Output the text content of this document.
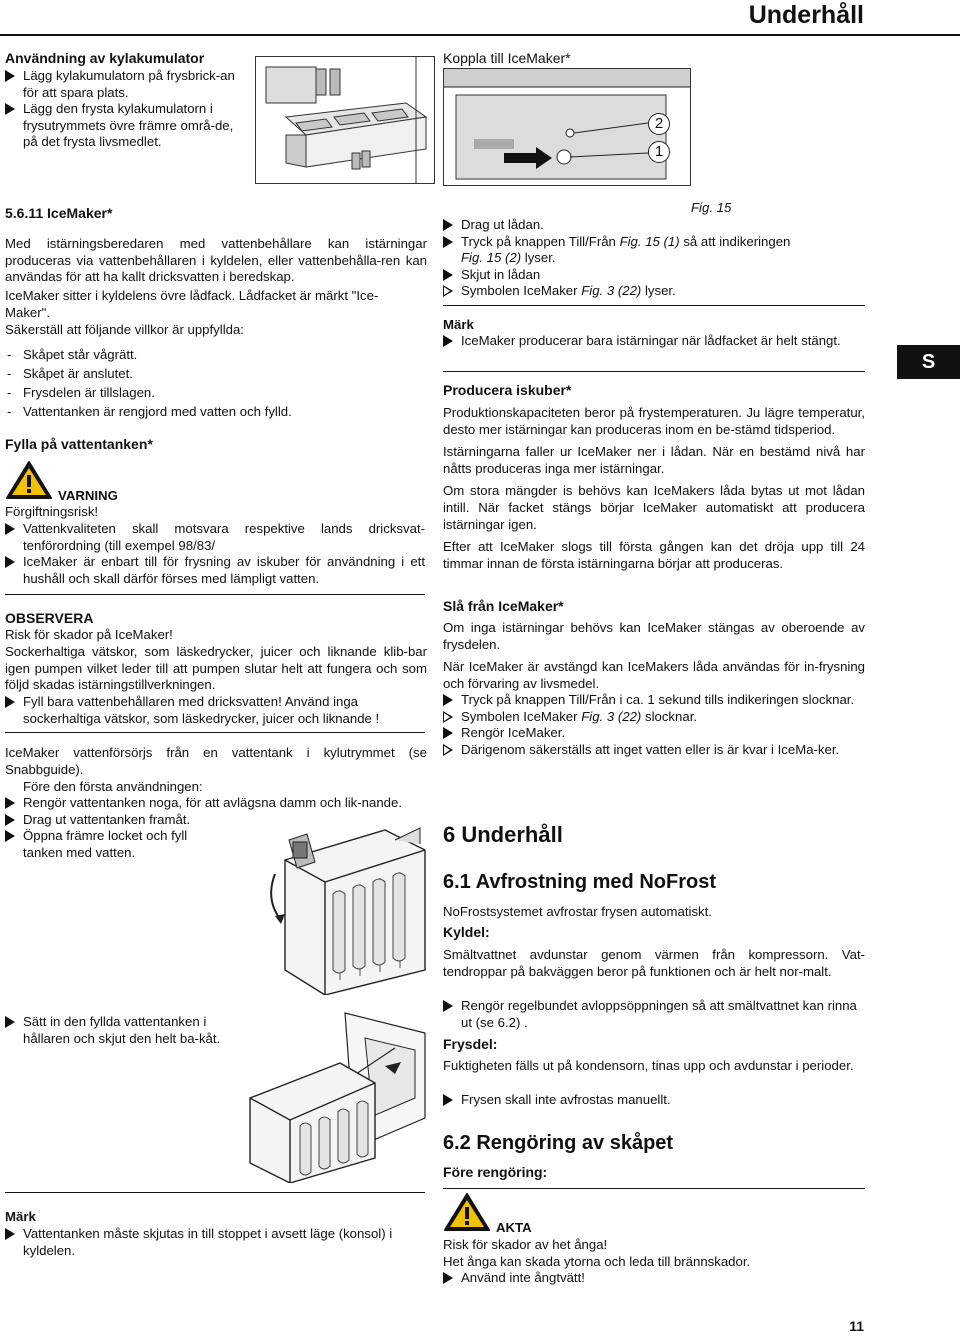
Underhåll
S
Användning av kylakumulator
Lägg kylakumulatorn på frysbrick-an för att spara plats.
Lägg den frysta kylakumulatorn i frysutrymmets övre främre områ-de, på det frysta livsmedlet.
5.6.11 IceMaker*
Med istärningsberedaren med vattenbehållare kan istärningar produceras via vattenbehållaren i kyldelen, eller vattenbehålla-ren kan användas för att ha kallt dricksvatten i beredskap.
IceMaker sitter i kyldelens övre lådfack. Lådfacket är märkt "Ice-
Maker".
Säkerställ att följande villkor är uppfyllda:
- Skåpet står vågrätt.
- Skåpet är anslutet.
- Frysdelen är tillslagen.
- Vattentanken är rengjord med vatten och fylld.
Fylla på vattentanken*
VARNING
Förgiftningsrisk!
Vattenkvaliteten skall motsvara respektive lands dricksvat-tenförordning (till exempel 98/83/
IceMaker är enbart till för frysning av iskuber för användning i ett hushåll och skall därför förses med lämpligt vatten.
OBSERVERA
Risk för skador på IceMaker!
Sockerhaltiga vätskor, som läskedrycker, juicer och liknande klib-bar igen pumpen vilket leder till att pumpen slutar helt att fungera och som följd skadas istärningstillverkningen.
Fyll bara vattenbehållaren med dricksvatten! Använd inga sockerhaltiga vätskor, som läskedrycker, juicer och liknande !
IceMaker vattenförsörjs från en vattentank i kylutrymmet (se Snabbguide).
Före den första användningen:
Rengör vattentanken noga, för att avlägsna damm och lik-nande.
Drag ut vattentanken framåt.
Öppna främre locket och fyll tanken med vatten.
Sätt in den fyllda vattentanken i hållaren och skjut den helt ba-kåt.
Märk
Vattentanken måste skjutas in till stoppet i avsett läge (konsol) i kyldelen.
Koppla till IceMaker*
2
1
Fig. 15
Drag ut lådan.
Tryck på knappen Till/Från Fig. 15 (1) så att indikeringen
Fig. 15 (2) lyser.
Skjut in lådan
Symbolen IceMaker Fig. 3 (22) lyser.
Märk
IceMaker producerar bara istärningar när lådfacket är helt stängt.
Producera iskuber*

Produktionskapaciteten beror på frystemperaturen. Ju lägre temperatur, desto mer istärningar kan produceras inom en be-stämd tidsperiod.

Istärningarna faller ur IceMaker ner i lådan. När en bestämd nivå har nåtts produceras inga mer istärningar.

Om stora mängder is behövs kan IceMakers låda bytas ut mot lådan intill. När facket stängs börjar IceMaker automatiskt att producera istärningar igen.

Efter att IceMaker slogs till första gången kan det dröja upp till 24 timmar innan de första istärningarna börjar att produceras.

Slå från IceMaker*

Om inga istärningar behövs kan IceMaker stängas av oberoende av frysdelen.

När IceMaker är avstängd kan IceMakers låda användas för in-frysning och förvaring av livsmedel.

Tryck på knappen Till/Från i ca. 1 sekund tills indikeringen slocknar.
Symbolen IceMaker Fig. 3 (22) slocknar.
Rengör IceMaker.
Därigenom säkerställs att inget vatten eller is är kvar i IceMa-ker.
6 Underhåll
6.1 Avfrostning med NoFrost
NoFrostsystemet avfrostar frysen automatiskt.
Kyldel:
Smältvattnet avdunstar genom värmen från kompressorn. Vat-tendroppar på bakväggen beror på funktionen och är helt nor-malt.
Rengör regelbundet avloppsöppningen så att smältvattnet kan rinna ut (se 6.2) .
Frysdel:
Fuktigheten fälls ut på kondensorn, tinas upp och avdunstar i perioder.
Frysen skall inte avfrostas manuellt.
6.2 Rengöring av skåpet
Före rengöring:
AKTA
Risk för skador av het ånga!
Het ånga kan skada ytorna och leda till brännskador.
Använd inte ångtvätt!
11
